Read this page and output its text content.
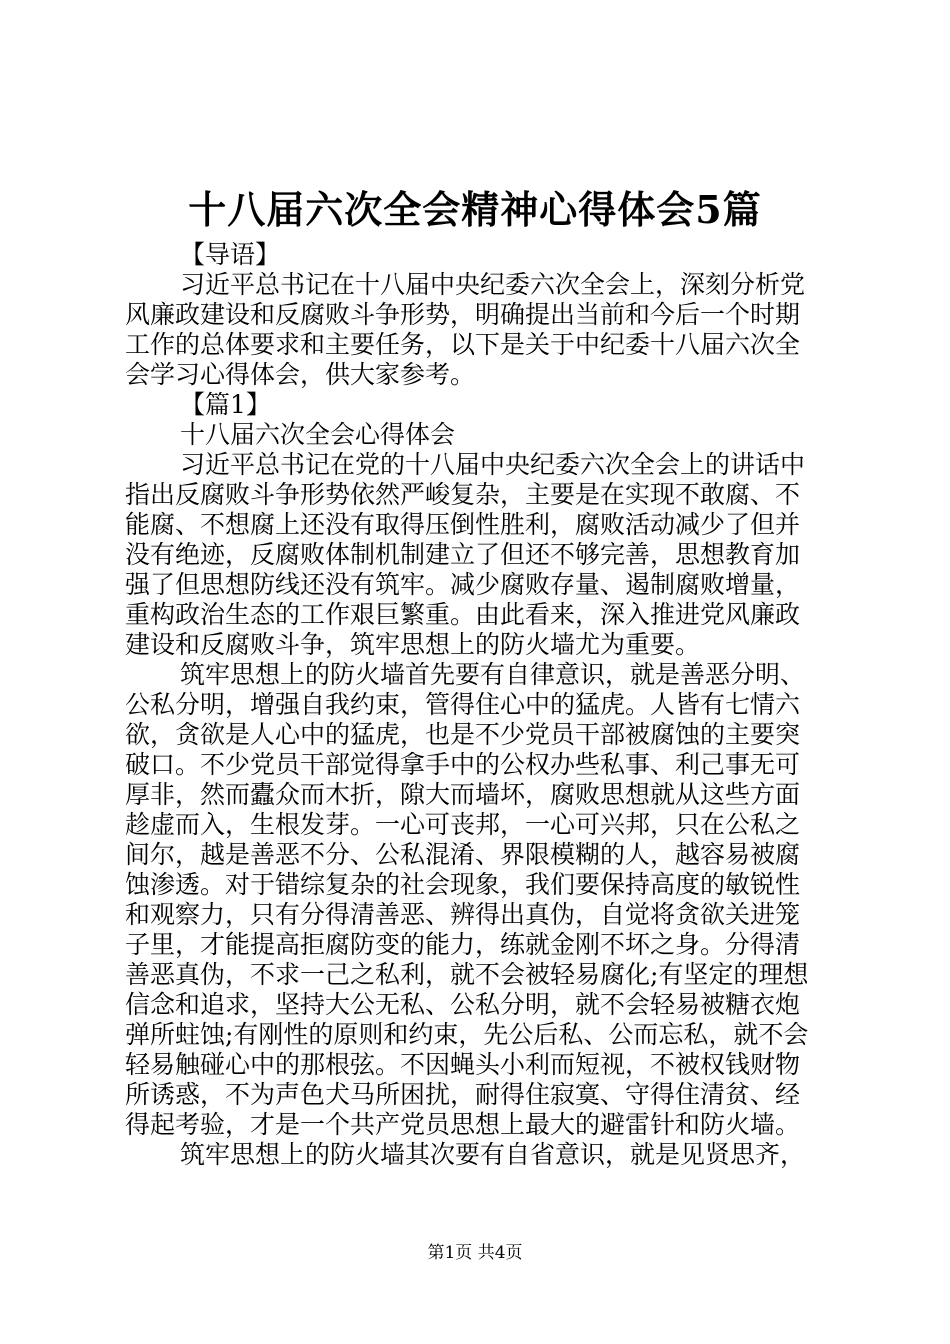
十八届六次全会精神心得体会5篇
【导语】
习近平总书记在十八届中央纪委六次全会上，深刻分析党
风廉政建设和反腐败斗争形势，明确提出当前和今后一个时期
工作的总体要求和主要任务，以下是关于中纪委十八届六次全
会学习心得体会，供大家参考。
【篇1】
十八届六次全会心得体会
习近平总书记在党的十八届中央纪委六次全会上的讲话中
指出反腐败斗争形势依然严峻复杂，主要是在实现不敢腐、不
能腐、不想腐上还没有取得压倒性胜利，腐败活动减少了但并
没有绝迹，反腐败体制机制建立了但还不够完善，思想教育加
强了但思想防线还没有筑牢。减少腐败存量、遏制腐败增量，
重构政治生态的工作艰巨繁重。由此看来，深入推进党风廉政
建设和反腐败斗争，筑牢思想上的防火墙尤为重要。
筑牢思想上的防火墙首先要有自律意识，就是善恶分明、
公私分明，增强自我约束，管得住心中的猛虎。人皆有七情六
欲，贪欲是人心中的猛虎，也是不少党员干部被腐蚀的主要突
破口。不少党员干部觉得拿手中的公权办些私事、利己事无可
厚非，然而蠹众而木折，隙大而墙坏，腐败思想就从这些方面
趁虚而入，生根发芽。一心可丧邦，一心可兴邦，只在公私之
间尔，越是善恶不分、公私混淆、界限模糊的人，越容易被腐
蚀渗透。对于错综复杂的社会现象，我们要保持高度的敏锐性
和观察力，只有分得清善恶、辨得出真伪，自觉将贪欲关进笼
子里，才能提高拒腐防变的能力，练就金刚不坏之身。分得清
善恶真伪，不求一己之私利，就不会被轻易腐化;有坚定的理想
信念和追求，坚持大公无私、公私分明，就不会轻易被糖衣炮
弹所蛀蚀;有刚性的原则和约束，先公后私、公而忘私，就不会
轻易触碰心中的那根弦。不因蝇头小利而短视，不被权钱财物
所诱惑，不为声色犬马所困扰，耐得住寂寞、守得住清贫、经
得起考验，才是一个共产党员思想上最大的避雷针和防火墙。
筑牢思想上的防火墙其次要有自省意识，就是见贤思齐，
第1页 共4页
